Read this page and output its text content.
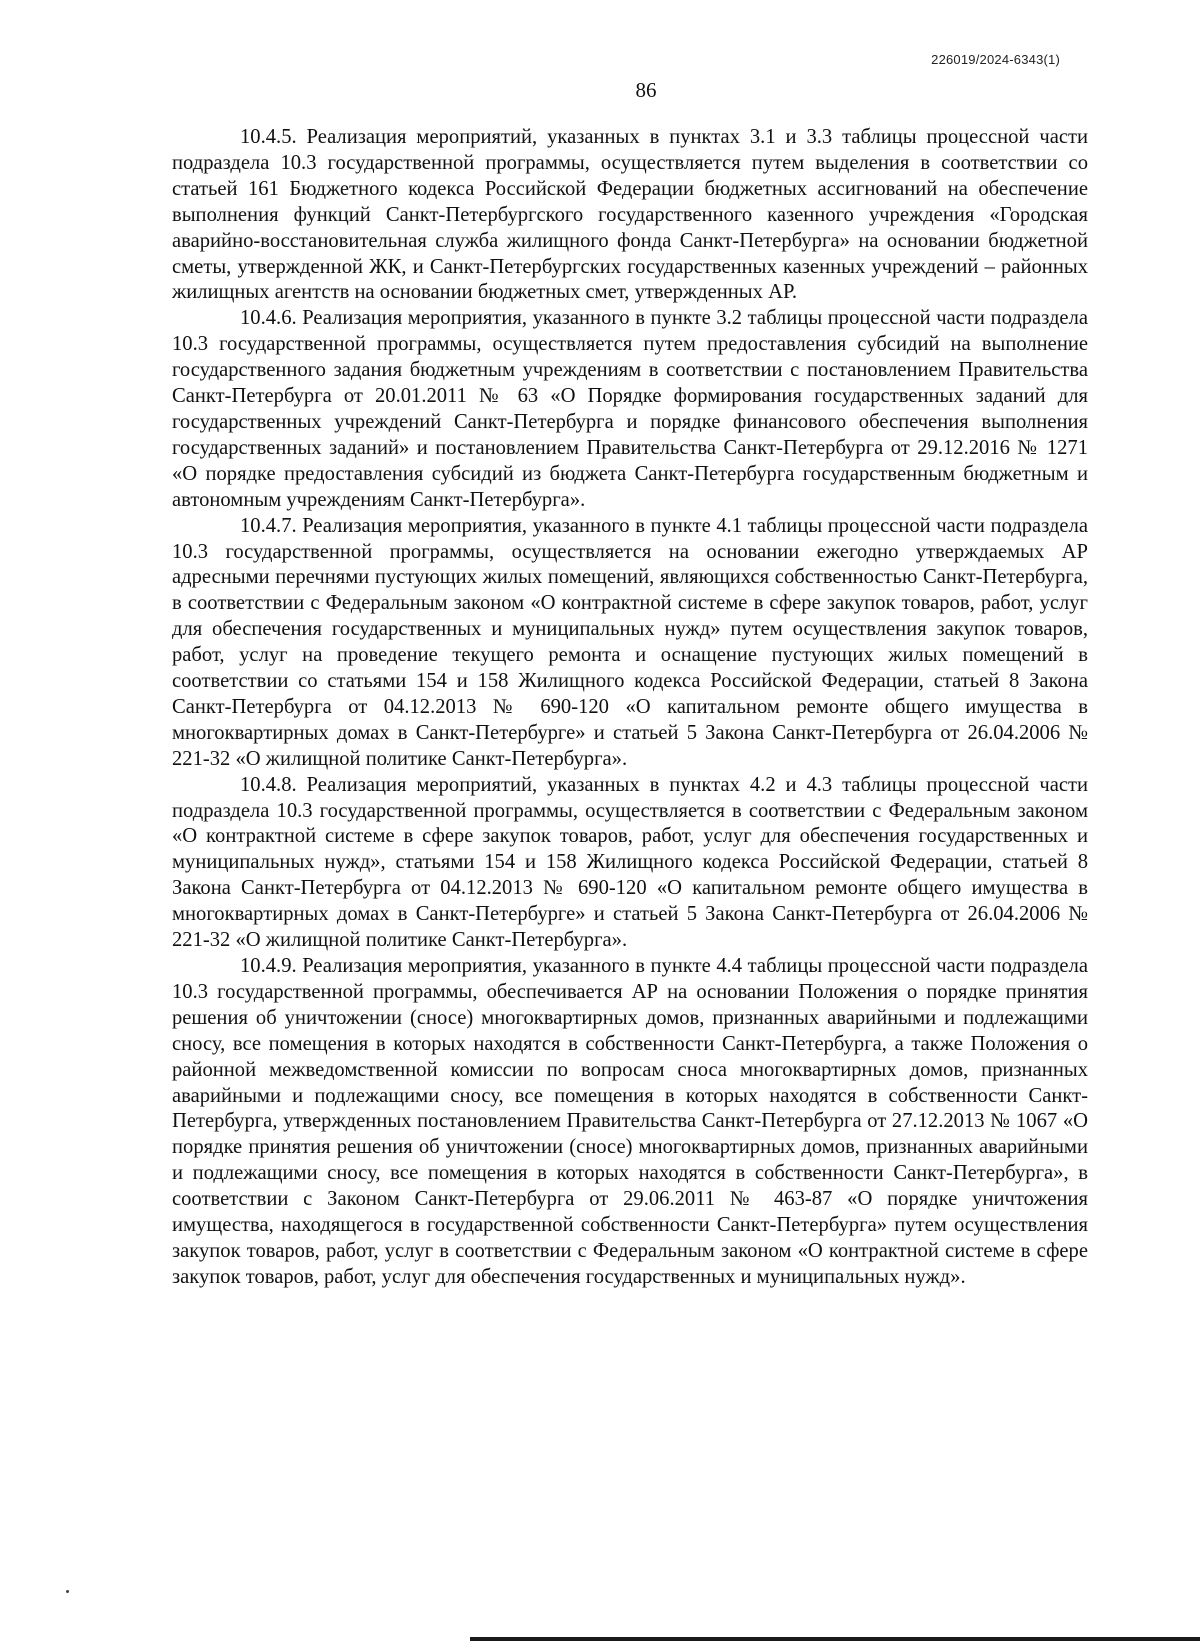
226019/2024-6343(1)
86

10.4.5. Реализация мероприятий, указанных в пунктах 3.1 и 3.3 таблицы процессной части подраздела 10.3 государственной программы, осуществляется путем выделения в соответствии со статьей 161 Бюджетного кодекса Российской Федерации бюджетных ассигнований на обеспечение выполнения функций Санкт-Петербургского государственного казенного учреждения «Городская аварийно-восстановительная служба жилищного фонда Санкт-Петербурга» на основании бюджетной сметы, утвержденной ЖК, и Санкт-Петербургских государственных казенных учреждений – районных жилищных агентств на основании бюджетных смет, утвержденных АР.

10.4.6. Реализация мероприятия, указанного в пункте 3.2 таблицы процессной части подраздела 10.3 государственной программы, осуществляется путем предоставления субсидий на выполнение государственного задания бюджетным учреждениям в соответствии с постановлением Правительства Санкт-Петербурга от 20.01.2011 № 63 «О Порядке формирования государственных заданий для государственных учреждений Санкт-Петербурга и порядке финансового обеспечения выполнения государственных заданий» и постановлением Правительства Санкт-Петербурга от 29.12.2016 № 1271 «О порядке предоставления субсидий из бюджета Санкт-Петербурга государственным бюджетным и автономным учреждениям Санкт-Петербурга».

10.4.7. Реализация мероприятия, указанного в пункте 4.1 таблицы процессной части подраздела 10.3 государственной программы, осуществляется на основании ежегодно утверждаемых АР адресными перечнями пустующих жилых помещений, являющихся собственностью Санкт-Петербурга, в соответствии с Федеральным законом «О контрактной системе в сфере закупок товаров, работ, услуг для обеспечения государственных и муниципальных нужд» путем осуществления закупок товаров, работ, услуг на проведение текущего ремонта и оснащение пустующих жилых помещений в соответствии со статьями 154 и 158 Жилищного кодекса Российской Федерации, статьей 8 Закона Санкт-Петербурга от 04.12.2013 № 690-120 «О капитальном ремонте общего имущества в многоквартирных домах в Санкт-Петербурге» и статьей 5 Закона Санкт-Петербурга от 26.04.2006 № 221-32 «О жилищной политике Санкт-Петербурга».

10.4.8. Реализация мероприятий, указанных в пунктах 4.2 и 4.3 таблицы процессной части подраздела 10.3 государственной программы, осуществляется в соответствии с Федеральным законом «О контрактной системе в сфере закупок товаров, работ, услуг для обеспечения государственных и муниципальных нужд», статьями 154 и 158 Жилищного кодекса Российской Федерации, статьей 8 Закона Санкт-Петербурга от 04.12.2013 № 690-120 «О капитальном ремонте общего имущества в многоквартирных домах в Санкт-Петербурге» и статьей 5 Закона Санкт-Петербурга от 26.04.2006 № 221-32 «О жилищной политике Санкт-Петербурга».

10.4.9. Реализация мероприятия, указанного в пункте 4.4 таблицы процессной части подраздела 10.3 государственной программы, обеспечивается АР на основании Положения о порядке принятия решения об уничтожении (сносе) многоквартирных домов, признанных аварийными и подлежащими сносу, все помещения в которых находятся в собственности Санкт-Петербурга, а также Положения о районной межведомственной комиссии по вопросам сноса многоквартирных домов, признанных аварийными и подлежащими сносу, все помещения в которых находятся в собственности Санкт-Петербурга, утвержденных постановлением Правительства Санкт-Петербурга от 27.12.2013 № 1067 «О порядке принятия решения об уничтожении (сносе) многоквартирных домов, признанных аварийными и подлежащими сносу, все помещения в которых находятся в собственности Санкт-Петербурга», в соответствии с Законом Санкт-Петербурга от 29.06.2011 № 463-87 «О порядке уничтожения имущества, находящегося в государственной собственности Санкт-Петербурга» путем осуществления закупок товаров, работ, услуг в соответствии с Федеральным законом «О контрактной системе в сфере закупок товаров, работ, услуг для обеспечения государственных и муниципальных нужд».
